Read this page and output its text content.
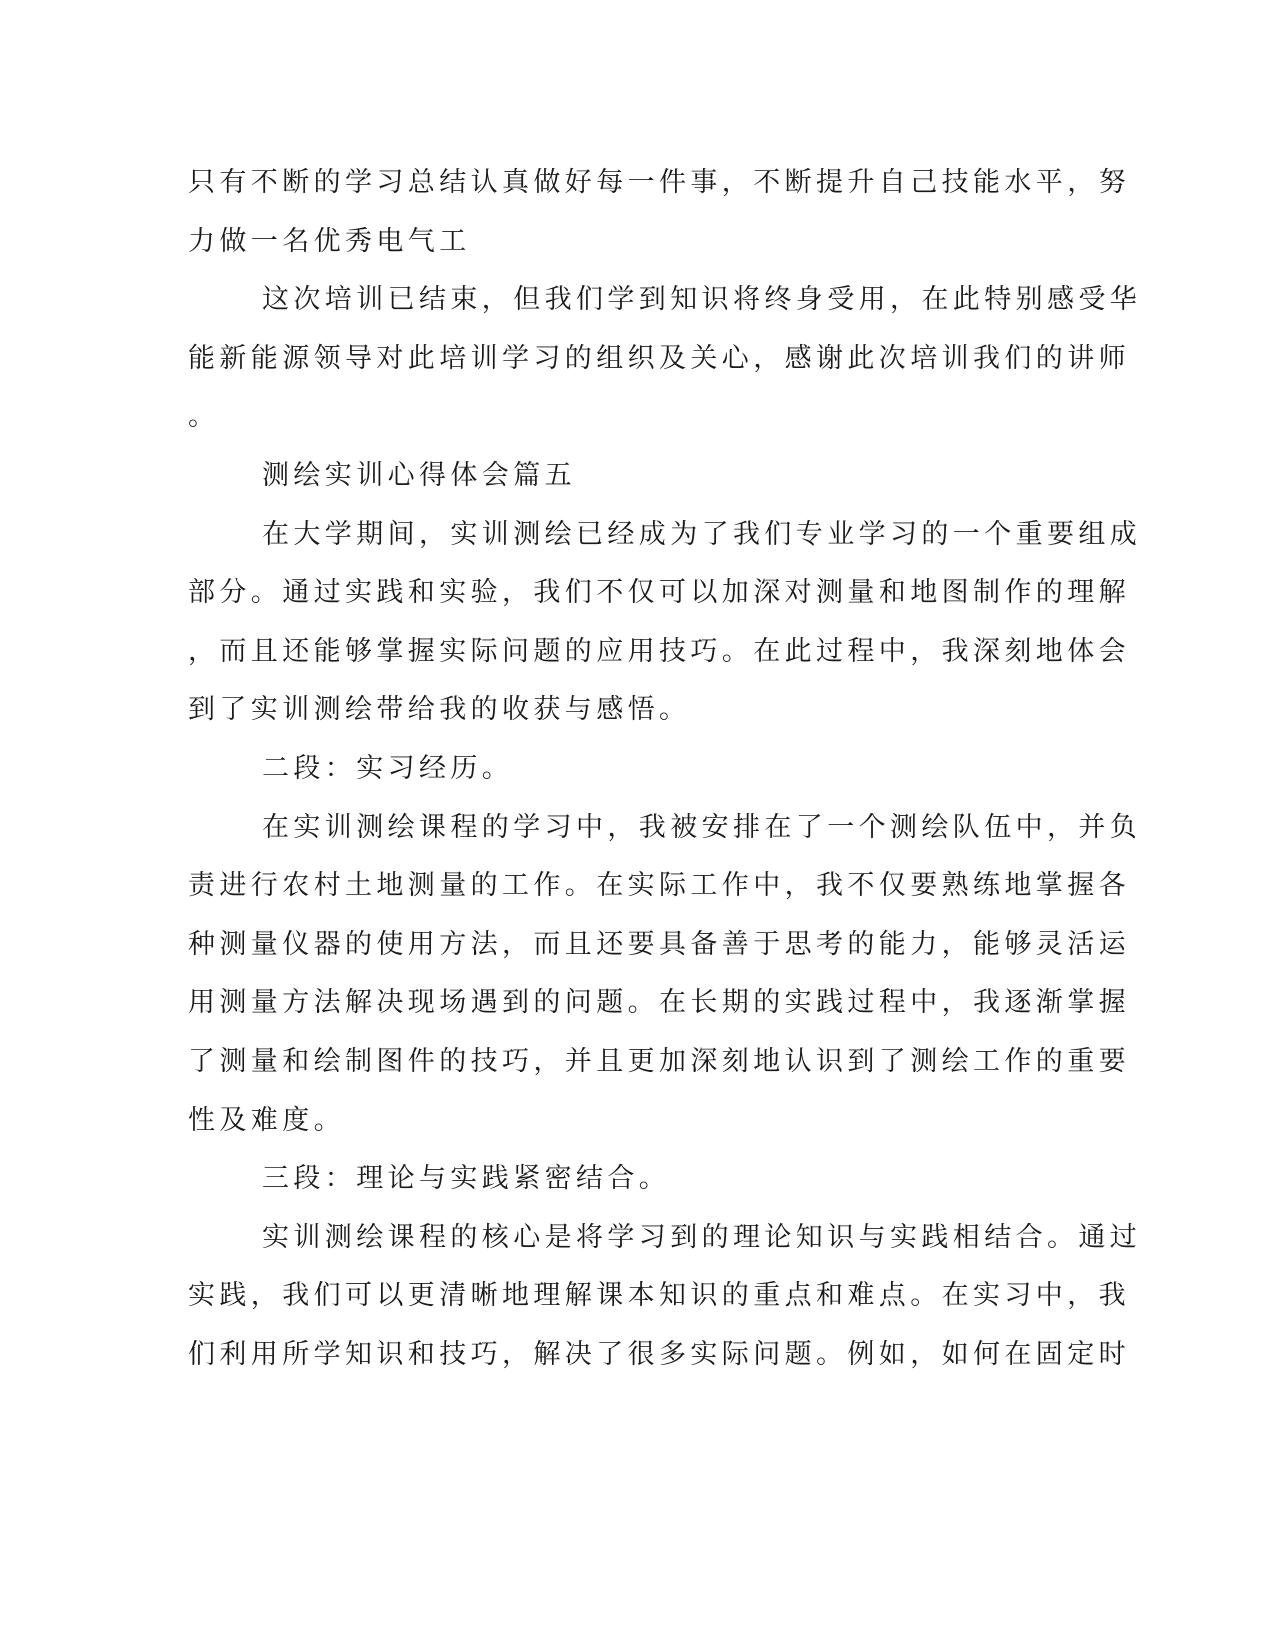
只有不断的学习总结认真做好每一件事，不断提升自己技能水平，努
力做一名优秀电气工
这次培训已结束，但我们学到知识将终身受用，在此特别感受华
能新能源领导对此培训学习的组织及关心，感谢此次培训我们的讲师
。
测绘实训心得体会篇五
在大学期间，实训测绘已经成为了我们专业学习的一个重要组成
部分。通过实践和实验，我们不仅可以加深对测量和地图制作的理解
，而且还能够掌握实际问题的应用技巧。在此过程中，我深刻地体会
到了实训测绘带给我的收获与感悟。
二段：实习经历。
在实训测绘课程的学习中，我被安排在了一个测绘队伍中，并负
责进行农村土地测量的工作。在实际工作中，我不仅要熟练地掌握各
种测量仪器的使用方法，而且还要具备善于思考的能力，能够灵活运
用测量方法解决现场遇到的问题。在长期的实践过程中，我逐渐掌握
了测量和绘制图件的技巧，并且更加深刻地认识到了测绘工作的重要
性及难度。
三段：理论与实践紧密结合。
实训测绘课程的核心是将学习到的理论知识与实践相结合。通过
实践，我们可以更清晰地理解课本知识的重点和难点。在实习中，我
们利用所学知识和技巧，解决了很多实际问题。例如，如何在固定时
